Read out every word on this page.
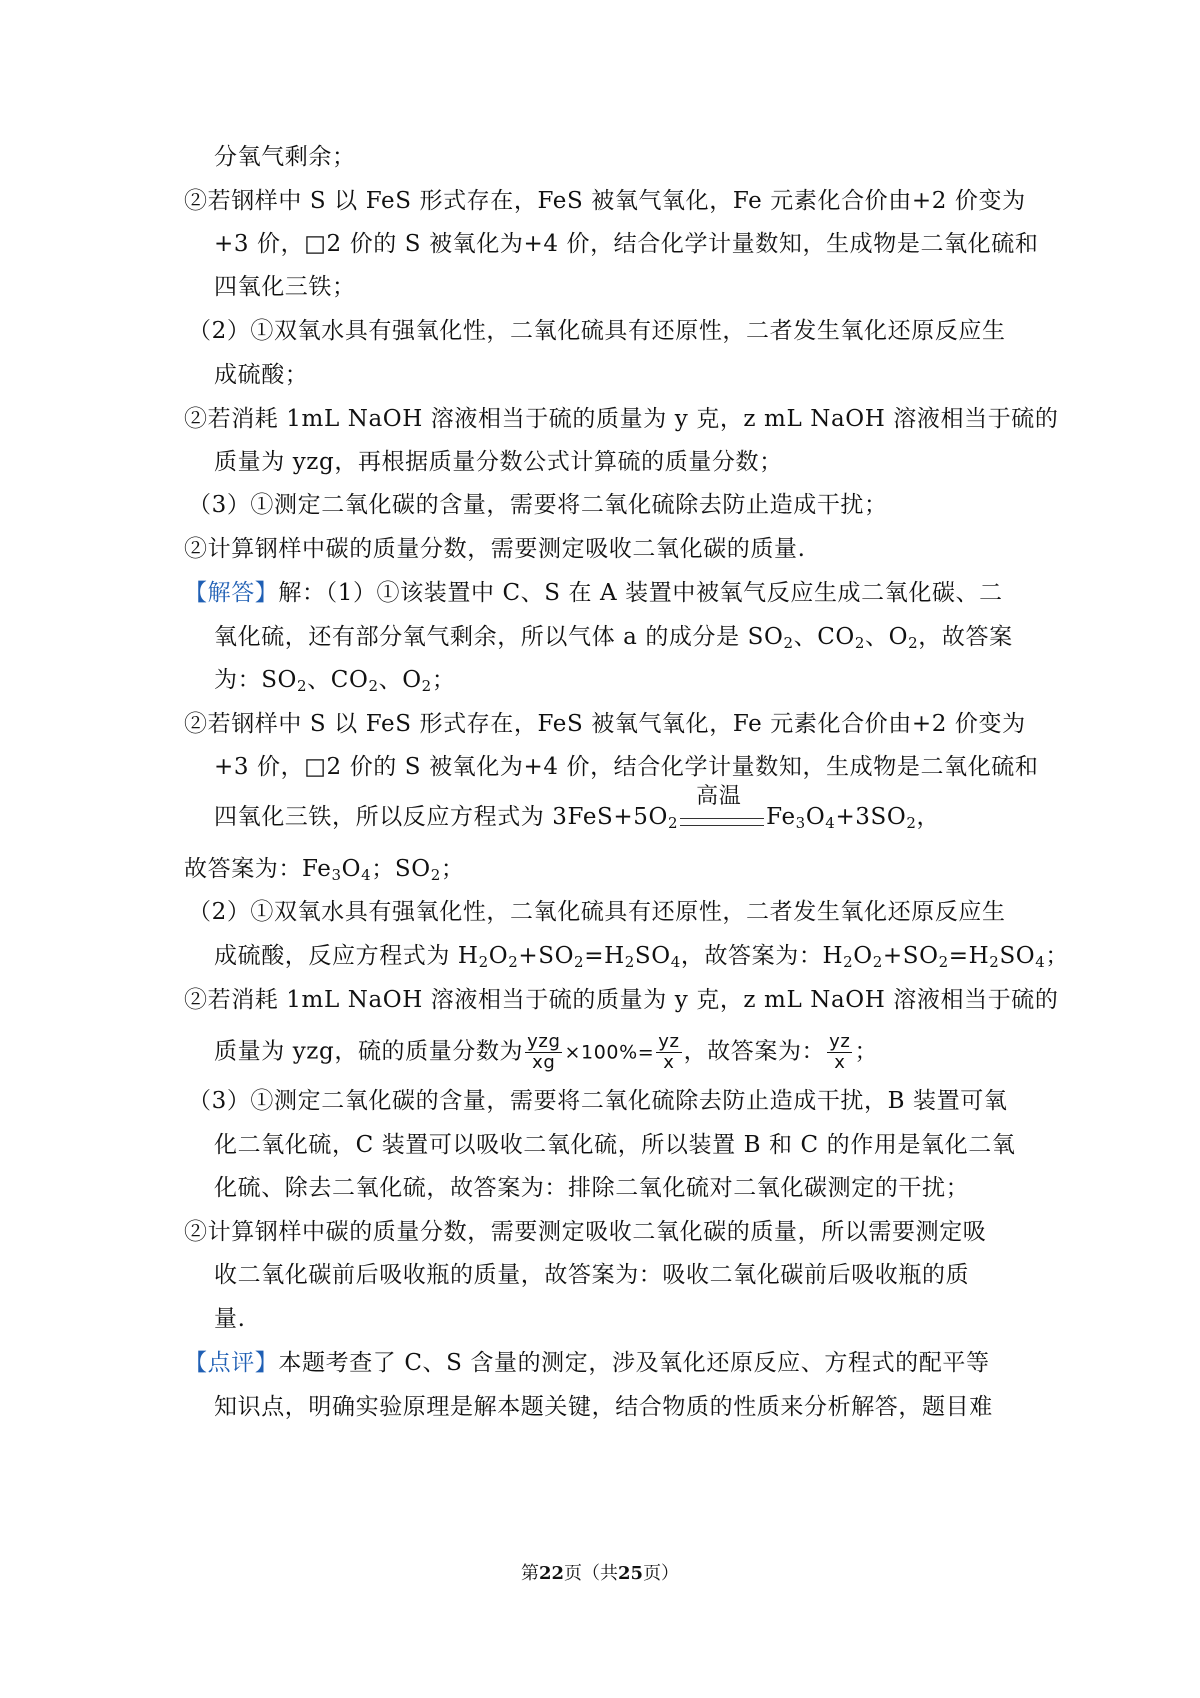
分氧气剩余；
②若钢样中 S 以 FeS 形式存在，FeS 被氧气氧化，Fe 元素化合价由+2 价变为
+3 价，□2 价的 S 被氧化为+4 价，结合化学计量数知，生成物是二氧化硫和
四氧化三铁；
（2）①双氧水具有强氧化性，二氧化硫具有还原性，二者发生氧化还原反应生
成硫酸；
②若消耗 1mL NaOH 溶液相当于硫的质量为 y 克，z mL NaOH 溶液相当于硫的
质量为 yzg，再根据质量分数公式计算硫的质量分数；
（3）①测定二氧化碳的含量，需要将二氧化硫除去防止造成干扰；
②计算钢样中碳的质量分数，需要测定吸收二氧化碳的质量.
【解答】解：（1）①该装置中 C、S 在 A 装置中被氧气反应生成二氧化碳、二
氧化硫，还有部分氧气剩余，所以气体 a 的成分是 $SO_2$、$CO_2$、$O_2$，故答案
为：$SO_2$、$CO_2$、$O_2$；
②若钢样中 S 以 FeS 形式存在，FeS 被氧气氧化，Fe 元素化合价由+2 价变为
+3 价，□2 价的 S 被氧化为+4 价，结合化学计量数知，生成物是二氧化硫和
四氧化三铁，所以反应方程式为 $3FeS+5O_2$
高温
$Fe_3O_4+3SO_2$，
故答案为：$Fe_3O_4$；$SO_2$；
（2）①双氧水具有强氧化性，二氧化硫具有还原性，二者发生氧化还原反应生
成硫酸，反应方程式为 $H_2O_2+SO_2=H_2SO_4$，故答案为：$H_2O_2+SO_2=H_2SO_4$；
②若消耗 1mL NaOH 溶液相当于硫的质量为 y 克，z mL NaOH 溶液相当于硫的
质量为 yzg，硫的质量分数为 $\frac{\text{yzg}}{xg} \times 100\%= \frac{yz}{x}$ ，故答案为： $\frac{yz}{x}$ ；
（3）①测定二氧化碳的含量，需要将二氧化硫除去防止造成干扰，B 装置可氧
化二氧化硫，C 装置可以吸收二氧化硫，所以装置 B 和 C 的作用是氧化二氧
化硫、除去二氧化硫，故答案为：排除二氧化硫对二氧化碳测定的干扰；
②计算钢样中碳的质量分数，需要测定吸收二氧化碳的质量，所以需要测定吸
收二氧化碳前后吸收瓶的质量，故答案为：吸收二氧化碳前后吸收瓶的质
量.
【点评】本题考查了 C、S 含量的测定，涉及氧化还原反应、方程式的配平等
知识点，明确实验原理是解本题关键，结合物质的性质来分析解答，题目难
第22页（共25页）
